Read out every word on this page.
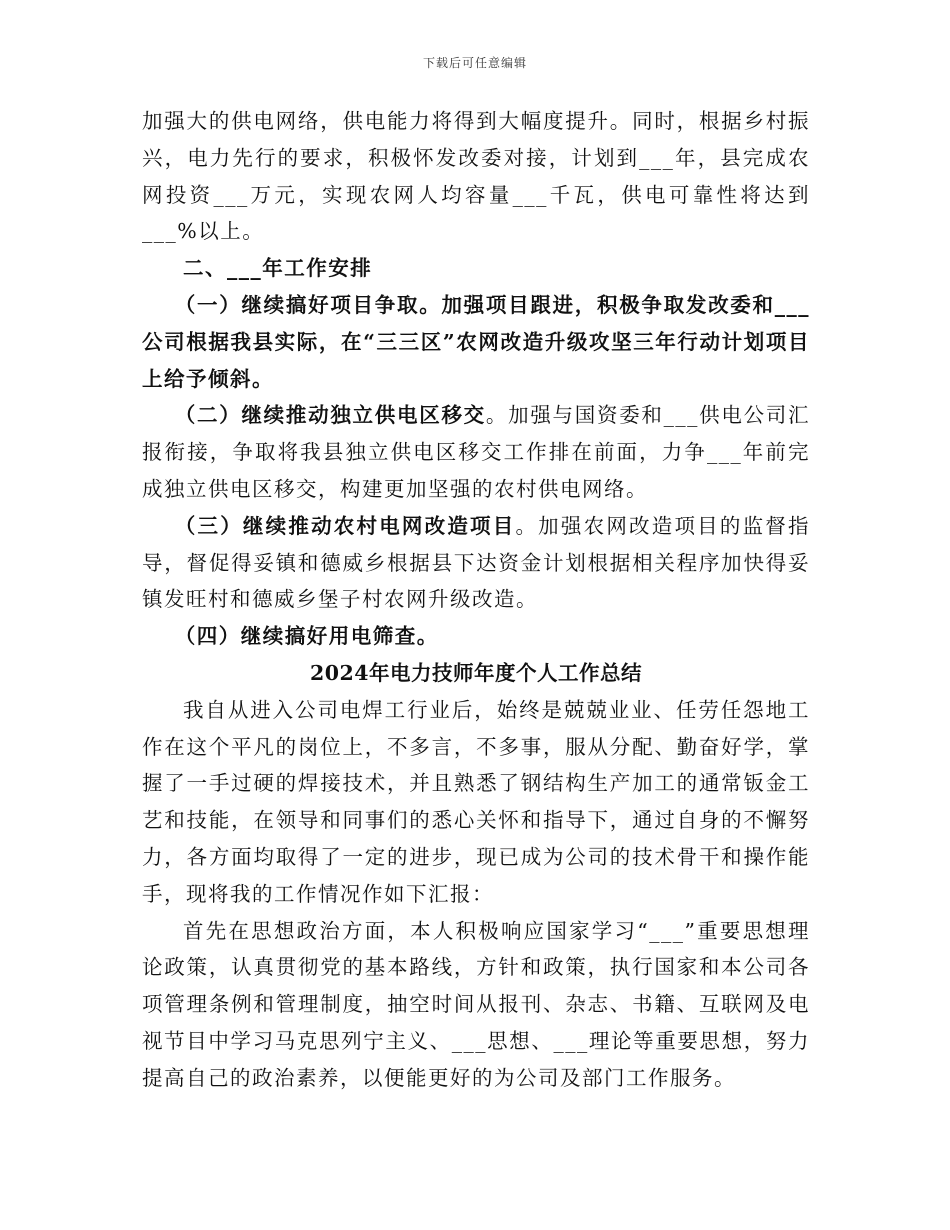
下载后可任意编辑

加强大的供电网络，供电能力将得到大幅度提升。同时，根据乡村振兴，电力先行的要求，积极怀发改委对接，计划到___年，县完成农网投资___万元，实现农网人均容量___千瓦，供电可靠性将达到___%以上。

二、___年工作安排

（一）继续搞好项目争取。加强项目跟进，积极争取发改委和___公司根据我县实际，在“三三区”农网改造升级攻坚三年行动计划项目上给予倾斜。

（二）继续推动独立供电区移交。加强与国资委和___供电公司汇报衔接，争取将我县独立供电区移交工作排在前面，力争___年前完成独立供电区移交，构建更加坚强的农村供电网络。

（三）继续推动农村电网改造项目。加强农网改造项目的监督指导，督促得妥镇和德威乡根据县下达资金计划根据相关程序加快得妥镇发旺村和德威乡堡子村农网升级改造。

（四）继续搞好用电筛查。

2024年电力技师年度个人工作总结

我自从进入公司电焊工行业后，始终是兢兢业业、任劳任怨地工作在这个平凡的岗位上，不多言，不多事，服从分配、勤奋好学，掌握了一手过硬的焊接技术，并且熟悉了钢结构生产加工的通常钣金工艺和技能，在领导和同事们的悉心关怀和指导下，通过自身的不懈努力，各方面均取得了一定的进步，现已成为公司的技术骨干和操作能手，现将我的工作情况作如下汇报：

首先在思想政治方面，本人积极响应国家学习“___”重要思想理论政策，认真贯彻党的基本路线，方针和政策，执行国家和本公司各项管理条例和管理制度，抽空时间从报刊、杂志、书籍、互联网及电视节目中学习马克思列宁主义、___思想、___理论等重要思想，努力提高自己的政治素养，以便能更好的为公司及部门工作服务。
